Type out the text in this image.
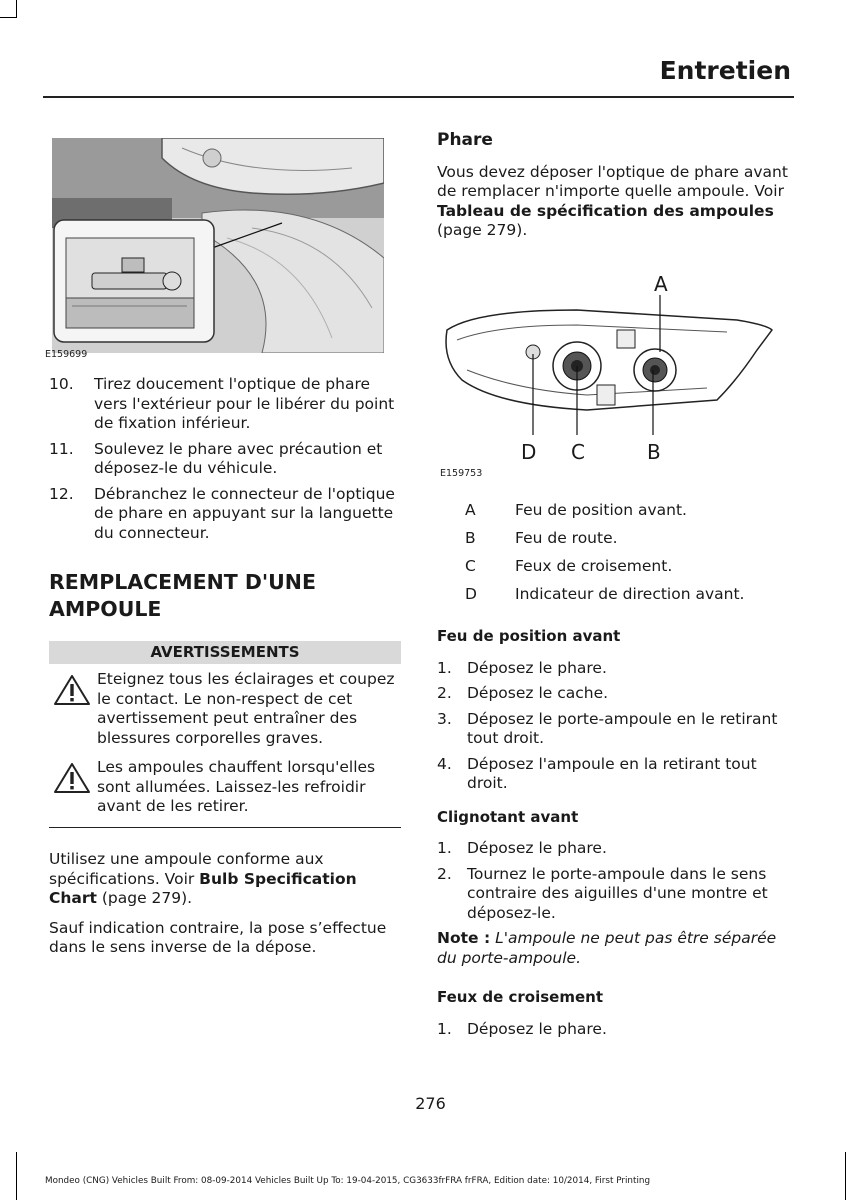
Entretien
E159699
10. Tirez doucement l'optique de phare vers l'extérieur pour le libérer du point de fixation inférieur.
11. Soulevez le phare avec précaution et déposez-le du véhicule.
12. Débranchez le connecteur de l'optique de phare en appuyant sur la languette du connecteur.
REMPLACEMENT D'UNE AMPOULE
AVERTISSEMENTS
Eteignez tous les éclairages et coupez le contact. Le non-respect de cet avertissement peut entraîner des blessures corporelles graves.
Les ampoules chauffent lorsqu'elles sont allumées. Laissez-les refroidir avant de les retirer.

Utilisez une ampoule conforme aux spécifications. Voir Bulb Specification Chart (page 279).

Sauf indication contraire, la pose s’effectue dans le sens inverse de la dépose.

Phare

Vous devez déposer l'optique de phare avant de remplacer n'importe quelle ampoule. Voir Tableau de spécification des ampoules (page 279).

A
B
C
D
E159753
A	Feu de position avant.
B	Feu de route.
C	Feux de croisement.
D Indicateur de direction avant.
Feu de position avant
1. Déposez le phare.
2. Déposez le cache.
3. Déposez le porte-ampoule en le retirant tout droit.
4. Déposez l'ampoule en la retirant tout droit.
Clignotant avant
1. Déposez le phare.
2. Tournez le porte-ampoule dans le sens contraire des aiguilles d'une montre et déposez-le.

Note : L'ampoule ne peut pas être séparée du porte-ampoule.

Feux de croisement
1. Déposez le phare.
276
Mondeo (CNG) Vehicles Built From: 08-09-2014 Vehicles Built Up To: 19-04-2015, CG3633frFRA frFRA, Edition date: 10/2014, First Printing
